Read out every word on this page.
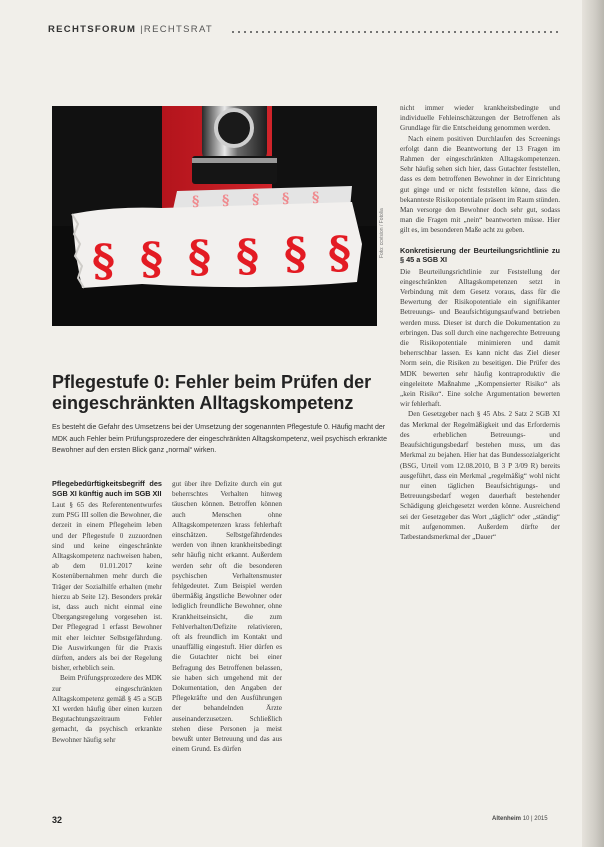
RECHTSFORUM |RECHTSRAT
§ § § § § §
§ § § § §
Foto: ccvision / Fotolia
Pflegestufe 0: Fehler beim Prüfen der eingeschränkten Alltagskompetenz
Es besteht die Gefahr des Umsetzens bei der Umsetzung der sogenannten Pflegestufe 0. Häufig macht der MDK auch Fehler beim Prüfungsprozedere der eingeschränkten Alltagskompetenz, weil psychisch erkrankte Bewohner auf den ersten Blick ganz „normal“ wirken.
Pflegebedürftigkeitsbegriff des SGB XI künftig auch im SGB XII

Laut § 65 des Referentenentwurfes zum PSG III sollen die Bewohner, die derzeit in einem Pflegeheim leben und der Pflegestufe 0 zuzuordnen sind und keine eingeschränkte Alltagskompetenz nachweisen haben, ab dem 01.01.2017 keine Kostenübernahmen mehr durch die Träger der Sozialhilfe erhalten (mehr hierzu ab Seite 12). Besonders prekär ist, dass auch nicht einmal eine Übergangsregelung vorgesehen ist. Der Pflegegrad 1 erfasst Bewohner mit eher leichter Selbstgefährdung. Die Auswirkungen für die Praxis dürften, anders als bei der Regelung bisher, erheblich sein.

Beim Prüfungsprozedere des MDK zur eingeschränkten Alltagskompetenz gemäß § 45 a SGB XI werden häufig über einen kurzen Begutachtungszeitraum Fehler gemacht, da psychisch erkrankte Bewohner häufig sehr

gut über ihre Defizite durch ein gut beherrschtes Verhalten hinweg täuschen können. Betroffen können auch Menschen ohne Alltagskompetenzen krass fehlerhaft einschätzen. Selbstgefährdendes werden von ihnen krankheitsbedingt sehr häufig nicht erkannt. Außerdem werden sehr oft die besonderen psychischen Verhaltensmuster fehlgedeutet. Zum Beispiel werden übermäßig ängstliche Bewohner oder lediglich freundliche Bewohner, ohne Krankheitseinsicht, die zum Fehlverhalten/Defizite relativieren, oft als freundlich im Kontakt und unauffällig eingestuft. Hier dürfen es die Gutachter nicht bei einer Befragung des Betroffenen belassen, sie haben sich umgehend mit der Dokumentation, den Angaben der Pflegekräfte und den Ausführungen der behandelnden Ärzte auseinanderzusetzen. Schließlich stehen diese Personen ja meist bewußt unter Betreuung und das aus einem Grund. Es dürfen

nicht immer wieder krankheitsbedingte und individuelle Fehleinschätzungen der Betroffenen als Grundlage für die Entscheidung genommen werden.

Nach einem positiven Durchlaufen des Screenings erfolgt dann die Beantwortung der 13 Fragen im Rahmen der eingeschränkten Alltagskompetenzen. Sehr häufig sehen sich hier, dass Gutachter feststellen, dass es dem betroffenen Bewohner in der Einrichtung gut ginge und er nicht feststellen könne, dass die bekannteste Risikopotentiale präsent im Raum stünden. Man versorge den Bewohner doch sehr gut, sodass man die Fragen mit „nein“ beantworten müsse. Hier gilt es, im besonderen Maße acht zu geben.

Konkretisierung der Beurteilungsrichtlinie zu § 45 a SGB XI

Die Beurteilungsrichtlinie zur Feststellung der eingeschränkten Alltagskompetenzen setzt in Verbindung mit dem Gesetz voraus, dass für die Bewertung der Risikopotentiale ein signifikanter Betreuungs- und Beaufsichtigungsaufwand betrieben werden muss. Dieser ist durch die Dokumentation zu erbringen. Das soll durch eine nachgerechte Betreuung die Risikopotentiale minimieren und damit beherrschbar lassen. Es kann nicht das Ziel dieser Norm sein, die Risiken zu beseitigen. Die Prüfer des MDK bewerten sehr häufig kontraproduktiv die eingeleitete Maßnahme „Kompensierter Risiko“ als „kein Risiko“. Eine solche Argumentation bewerten wir fehlerhaft.

Den Gesetzgeber nach § 45 Abs. 2 Satz 2 SGB XI das Merkmal der Regelmäßigkeit und das Erfordernis des erheblichen Betreuungs- und Beaufsichtigungsbedarf bestehen muss, um das Merkmal zu bejahen. Hier hat das Bundessozialgericht (BSG, Urteil vom 12.08.2010, B 3 P 3/09 R) bereits ausgeführt, dass ein Merkmal „regelmäßig“ wohl nicht nur einen täglichen Beaufsichtigungs- und Betreuungsbedarf wegen dauerhaft bestehender Schädigung gleichgesetzt werden könne. Ausreichend sei der Gesetzgeber das Wort „täglich“ oder „ständig“ mit aufgenommen. Außerdem dürfte der Tatbestandsmerkmal der „Dauer“

32	Altenheim 10 | 2015
